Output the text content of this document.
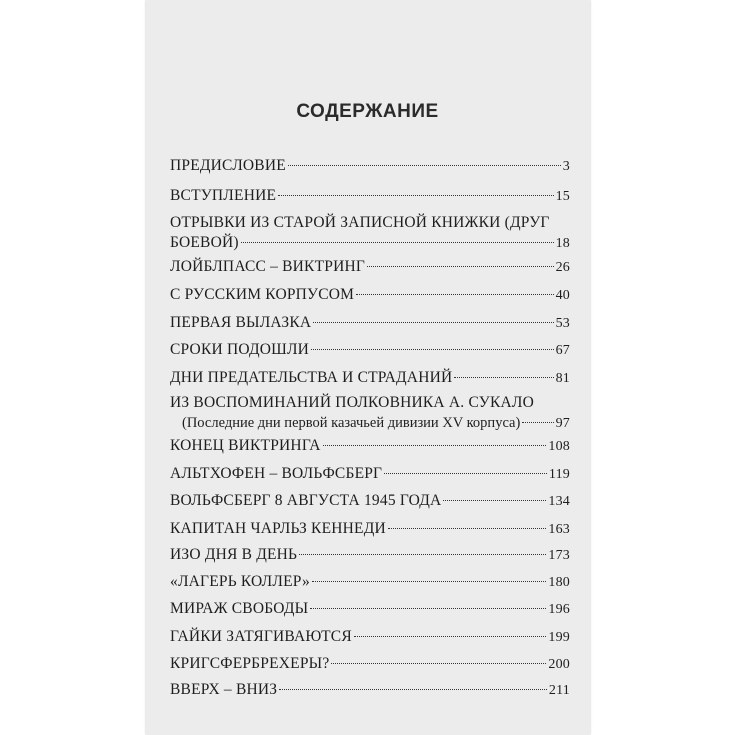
СОДЕРЖАНИЕ
ПРЕДИСЛОВИЕ	3
ВСТУПЛЕНИЕ	15
ОТРЫВКИ ИЗ СТАРОЙ ЗАПИСНОЙ КНИЖКИ (ДРУГ
БОЕВОЙ)	18
ЛОЙБЛПАСС – ВИКТРИНГ	26
С РУССКИМ КОРПУСОМ	40
ПЕРВАЯ ВЫЛАЗКА	53
СРОКИ ПОДОШЛИ	67
ДНИ ПРЕДАТЕЛЬСТВА И СТРАДАНИЙ	81
ИЗ ВОСПОМИНАНИЙ ПОЛКОВНИКА А. СУКАЛО
(Последние дни первой казачьей дивизии XV корпуса)	97
КОНЕЦ ВИКТРИНГА	108
АЛЬТХОФЕН – ВОЛЬФСБЕРГ	119
ВОЛЬФСБЕРГ 8 АВГУСТА 1945 ГОДА	134
КАПИТАН ЧАРЛЬЗ КЕННЕДИ	163
ИЗО ДНЯ В ДЕНЬ	173
«ЛАГЕРЬ КОЛЛЕР»	180
МИРАЖ СВОБОДЫ	196
ГАЙКИ ЗАТЯГИВАЮТСЯ	199
КРИГСФЕРБРЕХЕРЫ?	200
ВВЕРХ – ВНИЗ	211
